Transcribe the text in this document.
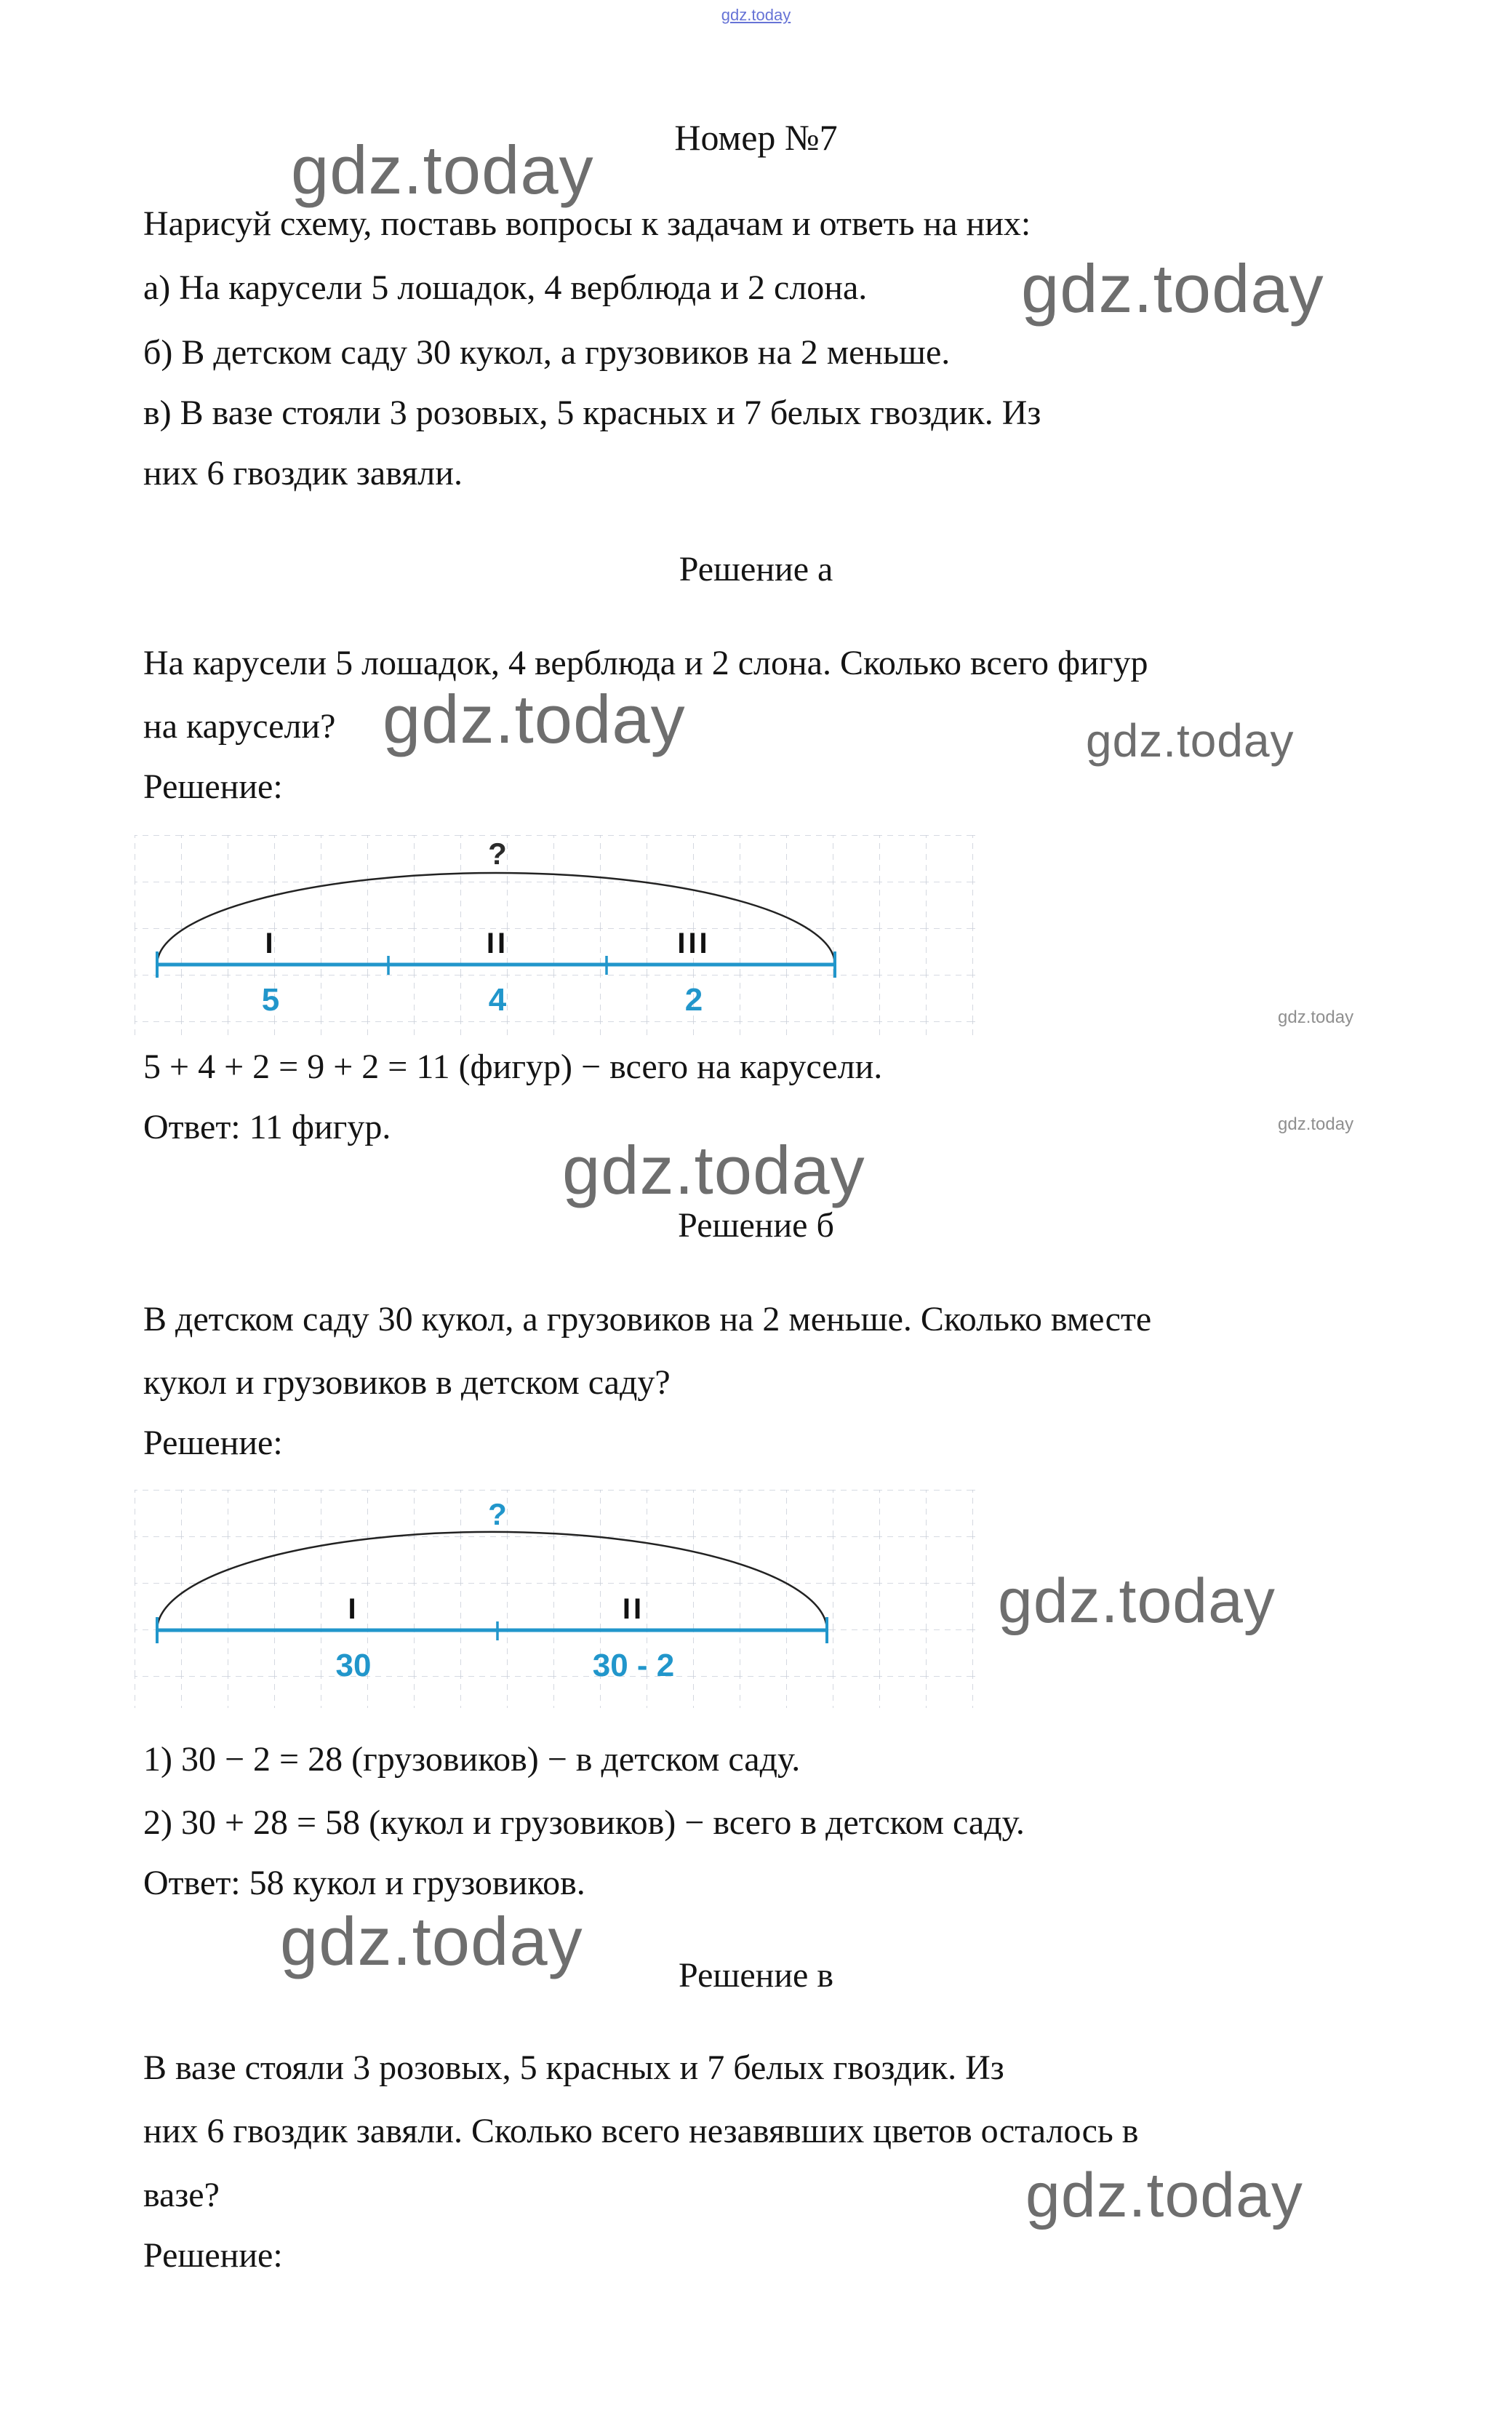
gdz.today
Номер №7
gdz.today
gdz.today
gdz.today	gdz.today
gdz.today
gdz.today
gdz.today
gdz.today
gdz.today
gdz.today
Нарисуй схему, поставь вопросы к задачам и ответь на них:
а) На карусели 5 лошадок, 4 верблюда и 2 слона.
б) В детском саду 30 кукол, а грузовиков на 2 меньше.
в) В вазе стояли 3 розовых, 5 красных и 7 белых гвоздик. Из
них 6 гвоздик завяли.
Решение а
На карусели 5 лошадок, 4 верблюда и 2 слона. Сколько всего фигур
на карусели?
Решение:
?
I	II	III
5	4	2
5 + 4 + 2 = 9 + 2 = 11 (фигур) − всего на карусели.
Ответ: 11 фигур.
Решение б
В детском саду 30 кукол, а грузовиков на 2 меньше. Сколько вместе
кукол и грузовиков в детском саду?
Решение:
?
I	II
30	30 - 2
1) 30 − 2 = 28 (грузовиков) − в детском саду.
2) 30 + 28 = 58 (кукол и грузовиков) − всего в детском саду.
Ответ: 58 кукол и грузовиков.
Решение в
В вазе стояли 3 розовых, 5 красных и 7 белых гвоздик. Из
них 6 гвоздик завяли. Сколько всего незавявших цветов осталось в
вазе?
Решение:
